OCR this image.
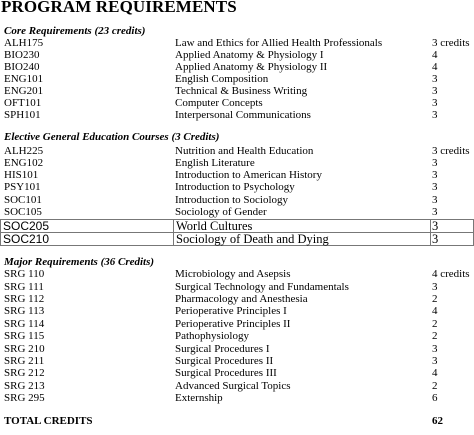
PROGRAM REQUIREMENTS
Core Requirements (23 credits)
ALH175	Law and Ethics for Allied Health Professionals	3 credits
BIO230	Applied Anatomy & Physiology I	4
BIO240	Applied Anatomy & Physiology II	4
ENG101	English Composition	3
ENG201	Technical & Business Writing	3
OFT101	Computer Concepts	3
SPH101	Interpersonal Communications	3
Elective General Education Courses (3 Credits)
ALH225	Nutrition and Health Education	3 credits
ENG102	English Literature	3
HIS101	Introduction to American History	3
PSY101	Introduction to Psychology	3
SOC101	Introduction to Sociology	3
SOC105	Sociology of Gender	3
SOC205	World Cultures	3
SOC210	Sociology of Death and Dying	3
Major Requirements (36 Credits)
SRG 110	Microbiology and Asepsis	4 credits
SRG 111	Surgical Technology and Fundamentals	3
SRG 112	Pharmacology and Anesthesia	2
SRG 113	Perioperative Principles I	4
SRG 114	Perioperative Principles II	2
SRG 115	Pathophysiology	2
SRG 210	Surgical Procedures I	3
SRG 211	Surgical Procedures II	3
SRG 212	Surgical Procedures III	4
SRG 213	Advanced Surgical Topics	2
SRG 295	Externship	6
TOTAL CREDITS	62
